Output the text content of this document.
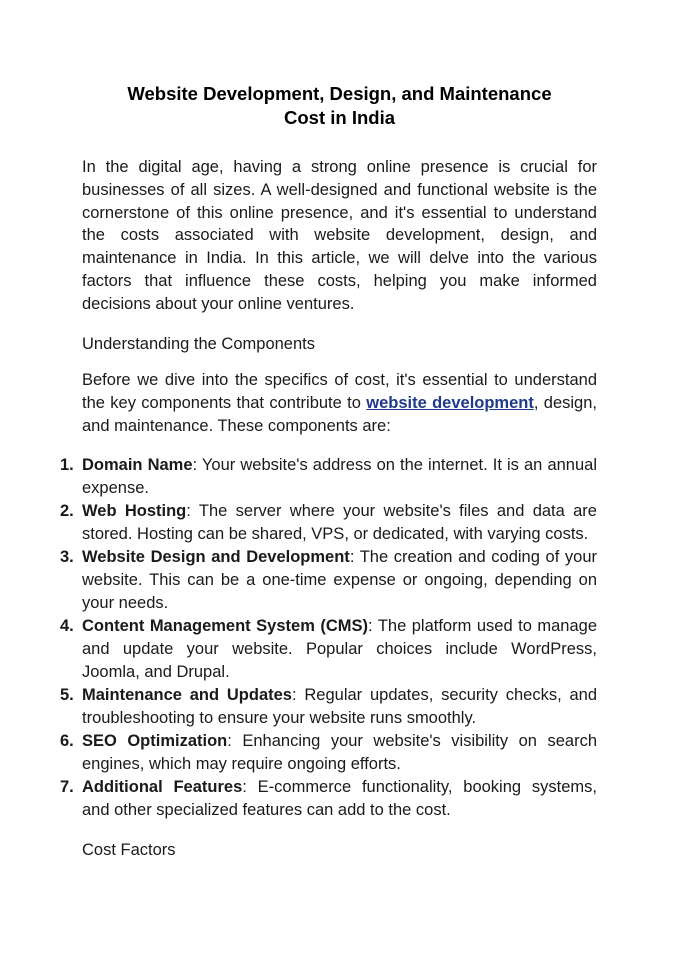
Website Development, Design, and Maintenance
Cost in India

In the digital age, having a strong online presence is crucial for businesses of all sizes. A well-designed and functional website is the cornerstone of this online presence, and it's essential to understand the costs associated with website development, design, and maintenance in India. In this article, we will delve into the various factors that influence these costs, helping you make informed decisions about your online ventures.

Understanding the Components

Before we dive into the specifics of cost, it's essential to understand the key components that contribute to website development, design, and maintenance. These components are:

1. Domain Name: Your website's address on the internet. It is an annual expense.
2. Web Hosting: The server where your website's files and data are stored. Hosting can be shared, VPS, or dedicated, with varying costs.
3. Website Design and Development: The creation and coding of your website. This can be a one-time expense or ongoing, depending on your needs.
4. Content Management System (CMS): The platform used to manage and update your website. Popular choices include WordPress, Joomla, and Drupal.
5. Maintenance and Updates: Regular updates, security checks, and troubleshooting to ensure your website runs smoothly.
6. SEO Optimization: Enhancing your website's visibility on search engines, which may require ongoing efforts.
7. Additional Features: E-commerce functionality, booking systems, and other specialized features can add to the cost.

Cost Factors
